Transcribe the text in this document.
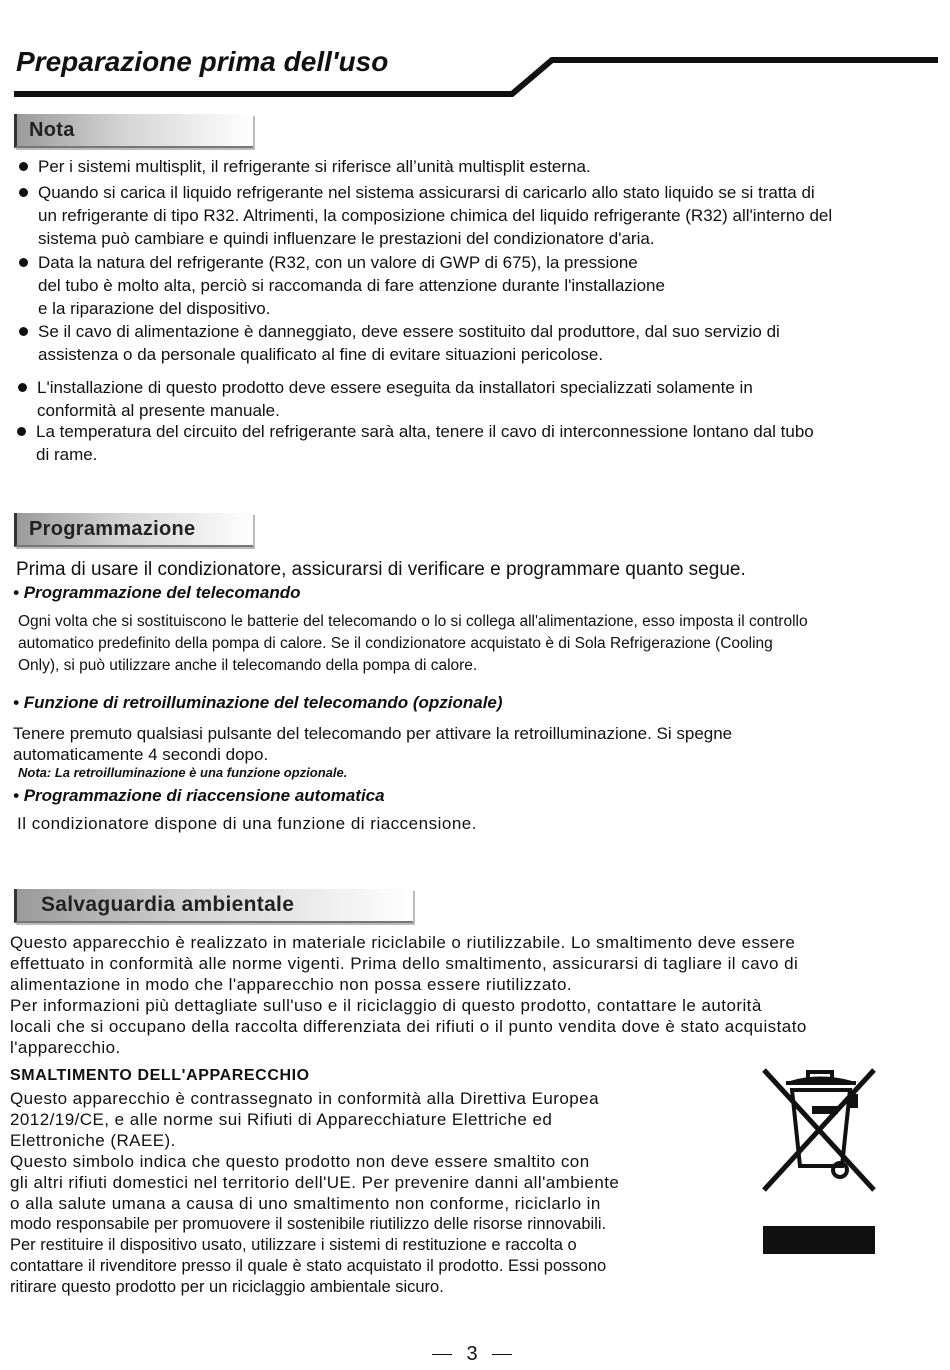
Preparazione prima dell'uso
Nota
Per i sistemi multisplit, il refrigerante si riferisce all’unità multisplit esterna.
Quando si carica il liquido refrigerante nel sistema assicurarsi di caricarlo allo stato liquido se si tratta di
un refrigerante di tipo R32. Altrimenti, la composizione chimica del liquido refrigerante (R32) all'interno del
sistema può cambiare e quindi influenzare le prestazioni del condizionatore d'aria.
Data la natura del refrigerante (R32, con un valore di GWP di 675), la pressione
del tubo è molto alta, perciò si raccomanda di fare attenzione durante l'installazione
e la riparazione del dispositivo.
Se il cavo di alimentazione è danneggiato, deve essere sostituito dal produttore, dal suo servizio di
assistenza o da personale qualificato al fine di evitare situazioni pericolose.
L'installazione di questo prodotto deve essere eseguita da installatori specializzati solamente in
conformità al presente manuale.
La temperatura del circuito del refrigerante sarà alta, tenere il cavo di interconnessione lontano dal tubo
di rame.
Programmazione
Prima di usare il condizionatore, assicurarsi di verificare e programmare quanto segue.
• Programmazione del telecomando
Ogni volta che si sostituiscono le batterie del telecomando o lo si collega all'alimentazione, esso imposta il controllo
automatico predefinito della pompa di calore. Se il condizionatore acquistato è di Sola Refrigerazione (Cooling
Only), si può utilizzare anche il telecomando della pompa di calore.
• Funzione di retroilluminazione del telecomando (opzionale)
Tenere premuto qualsiasi pulsante del telecomando per attivare la retroilluminazione. Si spegne
automaticamente 4 secondi dopo.
Nota: La retroilluminazione è una funzione opzionale.
• Programmazione di riaccensione automatica
Il condizionatore dispone di una funzione di riaccensione.
Salvaguardia ambientale
Questo apparecchio è realizzato in materiale riciclabile o riutilizzabile. Lo smaltimento deve essere
effettuato in conformità alle norme vigenti. Prima dello smaltimento, assicurarsi di tagliare il cavo di
alimentazione in modo che l'apparecchio non possa essere riutilizzato.
Per informazioni più dettagliate sull'uso e il riciclaggio di questo prodotto, contattare le autorità
locali che si occupano della raccolta differenziata dei rifiuti o il punto vendita dove è stato acquistato
l'apparecchio.
SMALTIMENTO DELL'APPARECCHIO
Questo apparecchio è contrassegnato in conformità alla Direttiva Europea
2012/19/CE, e alle norme sui Rifiuti di Apparecchiature Elettriche ed
Elettroniche (RAEE).
Questo simbolo indica che questo prodotto non deve essere smaltito con
gli altri rifiuti domestici nel territorio dell'UE. Per prevenire danni all'ambiente
o alla salute umana a causa di uno smaltimento non conforme, riciclarlo in
modo responsabile per promuovere il sostenibile riutilizzo delle risorse rinnovabili.
Per restituire il dispositivo usato, utilizzare i sistemi di restituzione e raccolta o
contattare il rivenditore presso il quale è stato acquistato il prodotto. Essi possono
ritirare questo prodotto per un riciclaggio ambientale sicuro.
3
